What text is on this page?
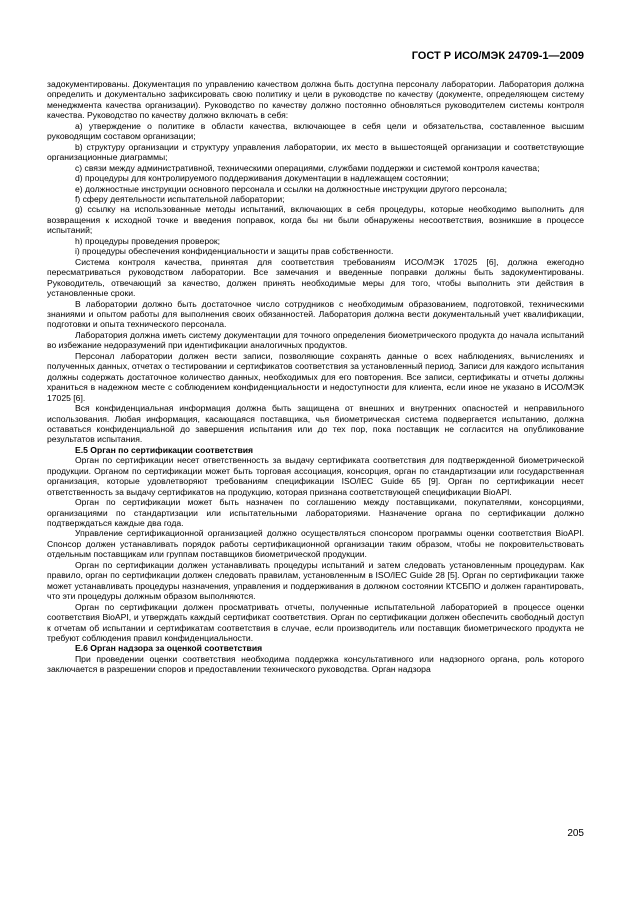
ГОСТ Р ИСО/МЭК 24709-1—2009

задокументированы. Документация по управлению качеством должна быть доступна персоналу лаборатории. Лаборатория должна определить и документально зафиксировать свою политику и цели в руководстве по качеству (документе, определяющем систему менеджмента качества организации). Руководство по качеству должно постоянно обновляться руководителем системы контроля качества. Руководство по качеству должно включать в себя:

a) утверждение о политике в области качества, включающее в себя цели и обязательства, составленное высшим руководящим составом организации;

b) структуру организации и структуру управления лаборатории, их место в вышестоящей организации и соответствующие организационные диаграммы;

c) связи между административной, техническими операциями, службами поддержки и системой контроля качества;

d) процедуры для контролируемого поддерживания документации в надлежащем состоянии;

e) должностные инструкции основного персонала и ссылки на должностные инструкции другого персонала;

f) сферу деятельности испытательной лаборатории;

g) ссылку на использованные методы испытаний, включающих в себя процедуры, которые необходимо выполнить для возвращения к исходной точке и введения поправок, когда бы ни были обнаружены несоответствия, возникшие в процессе испытаний;

h) процедуры проведения проверок;

i) процедуры обеспечения конфиденциальности и защиты прав собственности.

Система контроля качества, принятая для соответствия требованиям ИСО/МЭК 17025 [6], должна ежегодно пересматриваться руководством лаборатории. Все замечания и введенные поправки должны быть задокументированы. Руководитель, отвечающий за качество, должен принять необходимые меры для того, чтобы выполнить эти действия в установленные сроки.

В лаборатории должно быть достаточное число сотрудников с необходимым образованием, подготовкой, техническими знаниями и опытом работы для выполнения своих обязанностей. Лаборатория должна вести документальный учет квалификации, подготовки и опыта технического персонала.

Лаборатория должна иметь систему документации для точного определения биометрического продукта до начала испытаний во избежание недоразумений при идентификации аналогичных продуктов.

Персонал лаборатории должен вести записи, позволяющие сохранять данные о всех наблюдениях, вычислениях и полученных данных, отчетах о тестировании и сертификатов соответствия за установленный период. Записи для каждого испытания должны содержать достаточное количество данных, необходимых для его повторения. Все записи, сертификаты и отчеты должны храниться в надежном месте с соблюдением конфиденциальности и недоступности для клиента, если иное не указано в ИСО/МЭК 17025 [6].

Вся конфиденциальная информация должна быть защищена от внешних и внутренних опасностей и неправильного использования. Любая информация, касающаяся поставщика, чья биометрическая система подвергается испытанию, должна оставаться конфиденциальной до завершения испытания или до тех пор, пока поставщик не согласится на опубликование результатов испытания.

Е.5 Орган по сертификации соответствия

Орган по сертификации несет ответственность за выдачу сертификата соответствия для подтвержденной биометрической продукции. Органом по сертификации может быть торговая ассоциация, консорция, орган по стандартизации или государственная организация, которые удовлетворяют требованиям спецификации ISO/IEC Guide 65 [9]. Орган по сертификации несет ответственность за выдачу сертификатов на продукцию, которая признана соответствующей спецификации BioAPI.

Орган по сертификации может быть назначен по соглашению между поставщиками, покупателями, консорциями, организациями по стандартизации или испытательными лабораториями. Назначение органа по сертификации должно подтверждаться каждые два года.

Управление сертификационной организацией должно осуществляться спонсором программы оценки соответствия BioAPI. Спонсор должен устанавливать порядок работы сертификационной организации таким образом, чтобы не покровительствовать отдельным поставщикам или группам поставщиков биометрической продукции.

Орган по сертификации должен устанавливать процедуры испытаний и затем следовать установленным процедурам. Как правило, орган по сертификации должен следовать правилам, установленным в ISO/IEC Guide 28 [5]. Орган по сертификации также может устанавливать процедуры назначения, управления и поддерживания в должном состоянии КТСБПО и должен гарантировать, что эти процедуры должным образом выполняются.

Орган по сертификации должен просматривать отчеты, полученные испытательной лабораторией в процессе оценки соответствия BioAPI, и утверждать каждый сертификат соответствия. Орган по сертификации должен обеспечить свободный доступ к отчетам об испытании и сертификатам соответствия в случае, если производитель или поставщик биометрического продукта не требуют соблюдения правил конфиденциальности.

Е.6 Орган надзора за оценкой соответствия

При проведении оценки соответствия необходима поддержка консультативного или надзорного органа, роль которого заключается в разрешении споров и предоставлении технического руководства. Орган надзора

205
